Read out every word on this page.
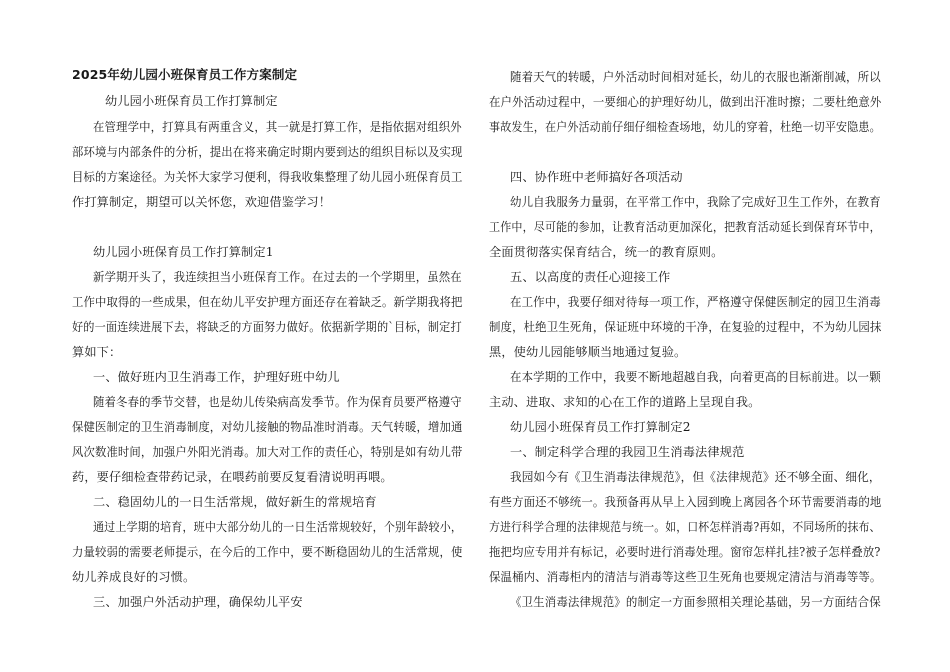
2025年幼儿园小班保育员工作方案制定
幼儿园小班保育员工作打算制定
在管理学中，打算具有两重含义，其一就是打算工作，是指依据对组织外
部环境与内部条件的分析，提出在将来确定时期内要到达的组织目标以及实现
目标的方案途径。为关怀大家学习便利，得我收集整理了幼儿园小班保育员工
作打算制定，期望可以关怀您，欢迎借鉴学习！
幼儿园小班保育员工作打算制定1
新学期开头了，我连续担当小班保育工作。在过去的一个学期里，虽然在
工作中取得的一些成果，但在幼儿平安护理方面还存在着缺乏。新学期我将把
好的一面连续进展下去，将缺乏的方面努力做好。依据新学期的`目标，制定打
算如下：
一、做好班内卫生消毒工作，护理好班中幼儿
随着冬春的季节交替，也是幼儿传染病高发季节。作为保育员要严格遵守
保健医制定的卫生消毒制度，对幼儿接触的物品准时消毒。天气转暖，增加通
风次数准时间，加强户外阳光消毒。加大对工作的责任心，特别是如有幼儿带
药，要仔细检查带药记录，在喂药前要反复看清说明再喂。
二、稳固幼儿的一日生活常规，做好新生的常规培育
通过上学期的培育，班中大部分幼儿的一日生活常规较好，个别年龄较小，
力量较弱的需要老师提示，在今后的工作中，要不断稳固幼儿的生活常规，使
幼儿养成良好的习惯。
三、加强户外活动护理，确保幼儿平安
随着天气的转暖，户外活动时间相对延长，幼儿的衣服也渐渐削减，所以
在户外活动过程中，一要细心的护理好幼儿，做到出汗准时擦；二要杜绝意外
事故发生，在户外活动前仔细仔细检查场地，幼儿的穿着，杜绝一切平安隐患。
四、协作班中老师搞好各项活动
幼儿自我服务力量弱，在平常工作中，我除了完成好卫生工作外，在教育
工作中，尽可能的参加，让教育活动更加深化，把教育活动延长到保育环节中，
全面贯彻落实保育结合，统一的教育原则。
五、以高度的责任心迎接工作
在工作中，我要仔细对待每一项工作，严格遵守保健医制定的园卫生消毒
制度，杜绝卫生死角，保证班中环境的干净，在复验的过程中，不为幼儿园抹
黑，使幼儿园能够顺当地通过复验。
在本学期的工作中，我要不断地超越自我，向着更高的目标前进。以一颗
主动、进取、求知的心在工作的道路上呈现自我。
幼儿园小班保育员工作打算制定2
一、制定科学合理的我园卫生消毒法律规范
我园如今有《卫生消毒法律规范》，但《法律规范》还不够全面、细化，
有些方面还不够统一。我预备再从早上入园到晚上离园各个环节需要消毒的地
方进行科学合理的法律规范与统一。如，口杯怎样消毒?再如，不同场所的抹布、
拖把均应专用并有标记，必要时进行消毒处理。窗帘怎样扎挂?被子怎样叠放?
保温桶内、消毒柜内的清洁与消毒等这些卫生死角也要规定清洁与消毒等等。
《卫生消毒法律规范》的制定一方面参照相关理论基础，另一方面结合保
